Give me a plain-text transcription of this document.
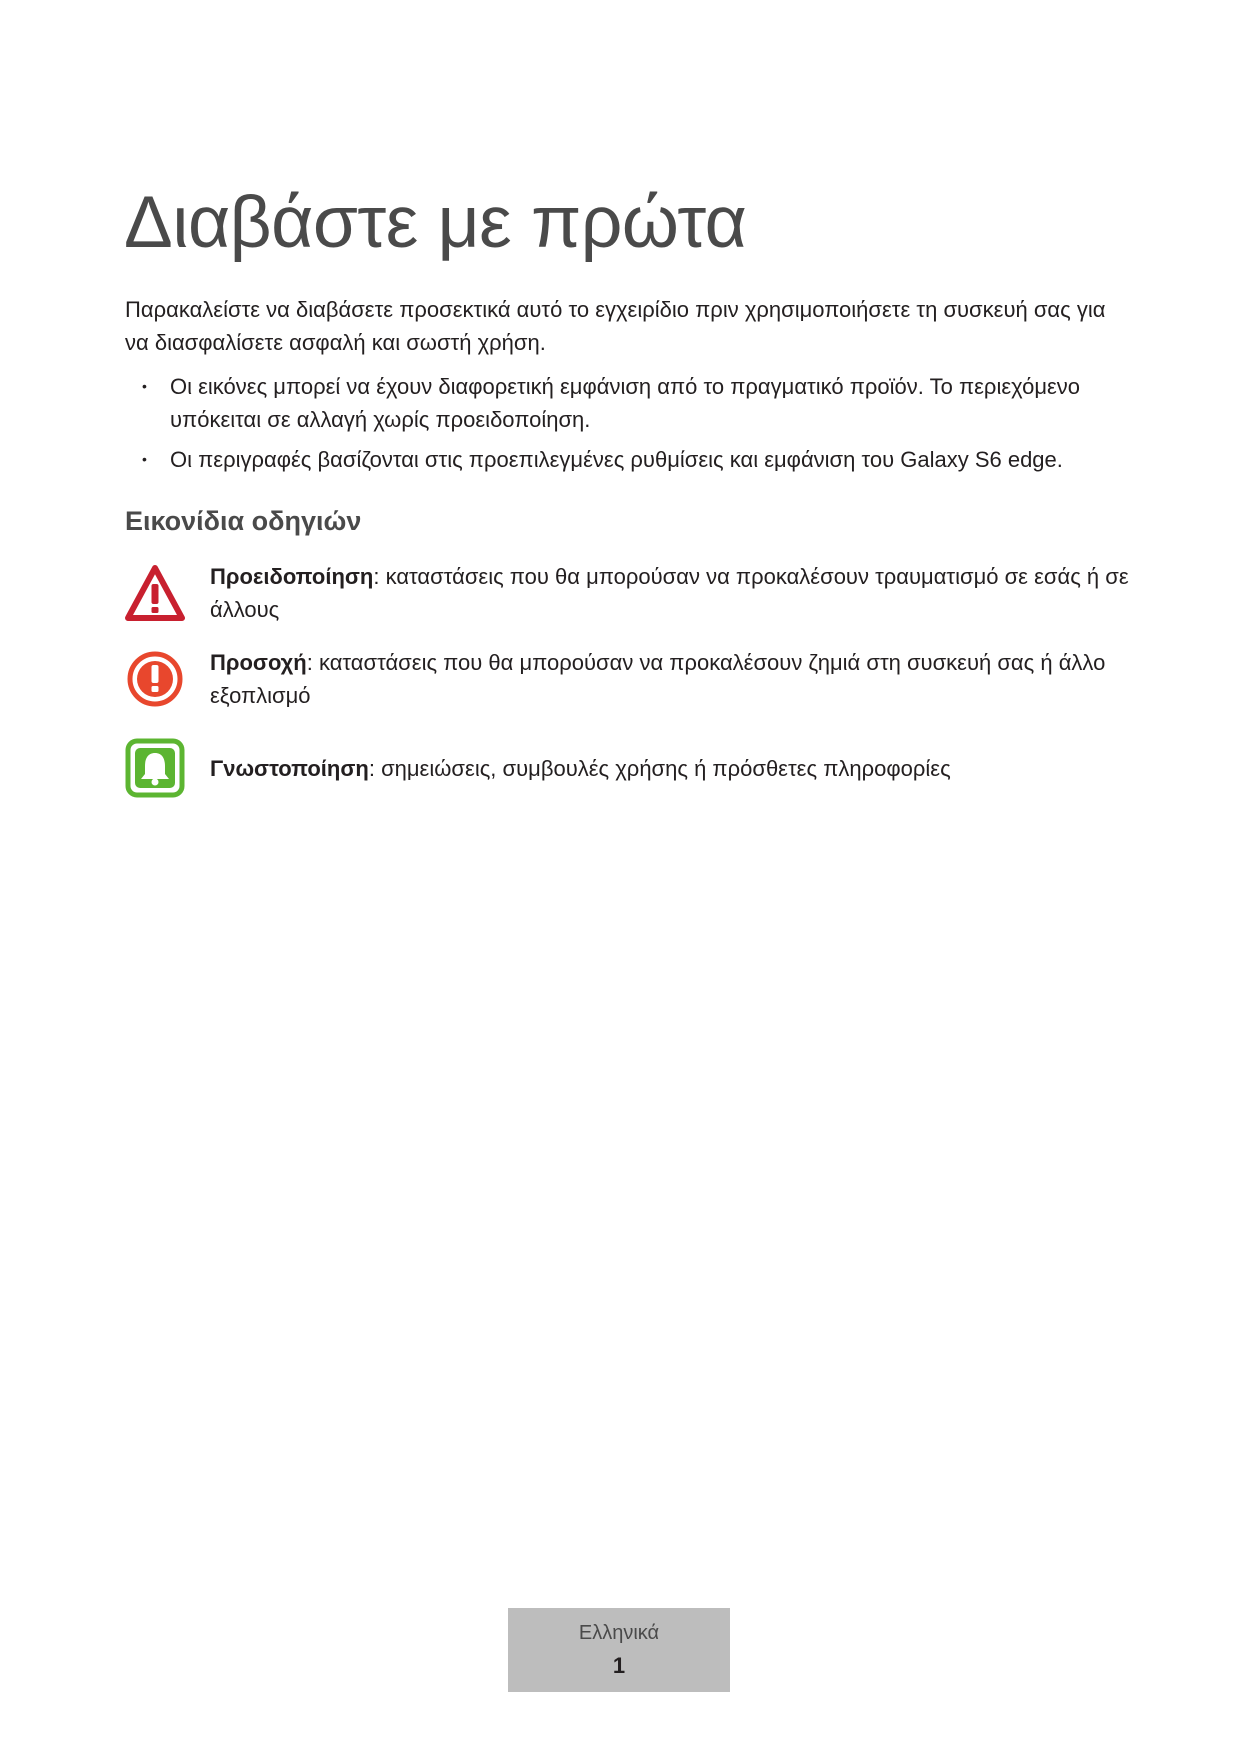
Διαβάστε με πρώτα

Παρακαλείστε να διαβάσετε προσεκτικά αυτό το εγχειρίδιο πριν χρησιμοποιήσετε τη συσκευή σας για να διασφαλίσετε ασφαλή και σωστή χρήση.

• Οι εικόνες μπορεί να έχουν διαφορετική εμφάνιση από το πραγματικό προϊόν. Το περιεχόμενο υπόκειται σε αλλαγή χωρίς προειδοποίηση.
• Οι περιγραφές βασίζονται στις προεπιλεγμένες ρυθμίσεις και εμφάνιση του Galaxy S6 edge.
Εικονίδια οδηγιών
Προειδοποίηση: καταστάσεις που θα μπορούσαν να προκαλέσουν τραυματισμό σε εσάς ή σε άλλους
Προσοχή: καταστάσεις που θα μπορούσαν να προκαλέσουν ζημιά στη συσκευή σας ή άλλο εξοπλισμό
Γνωστοποίηση: σημειώσεις, συμβουλές χρήσης ή πρόσθετες πληροφορίες
Ελληνικά
1
